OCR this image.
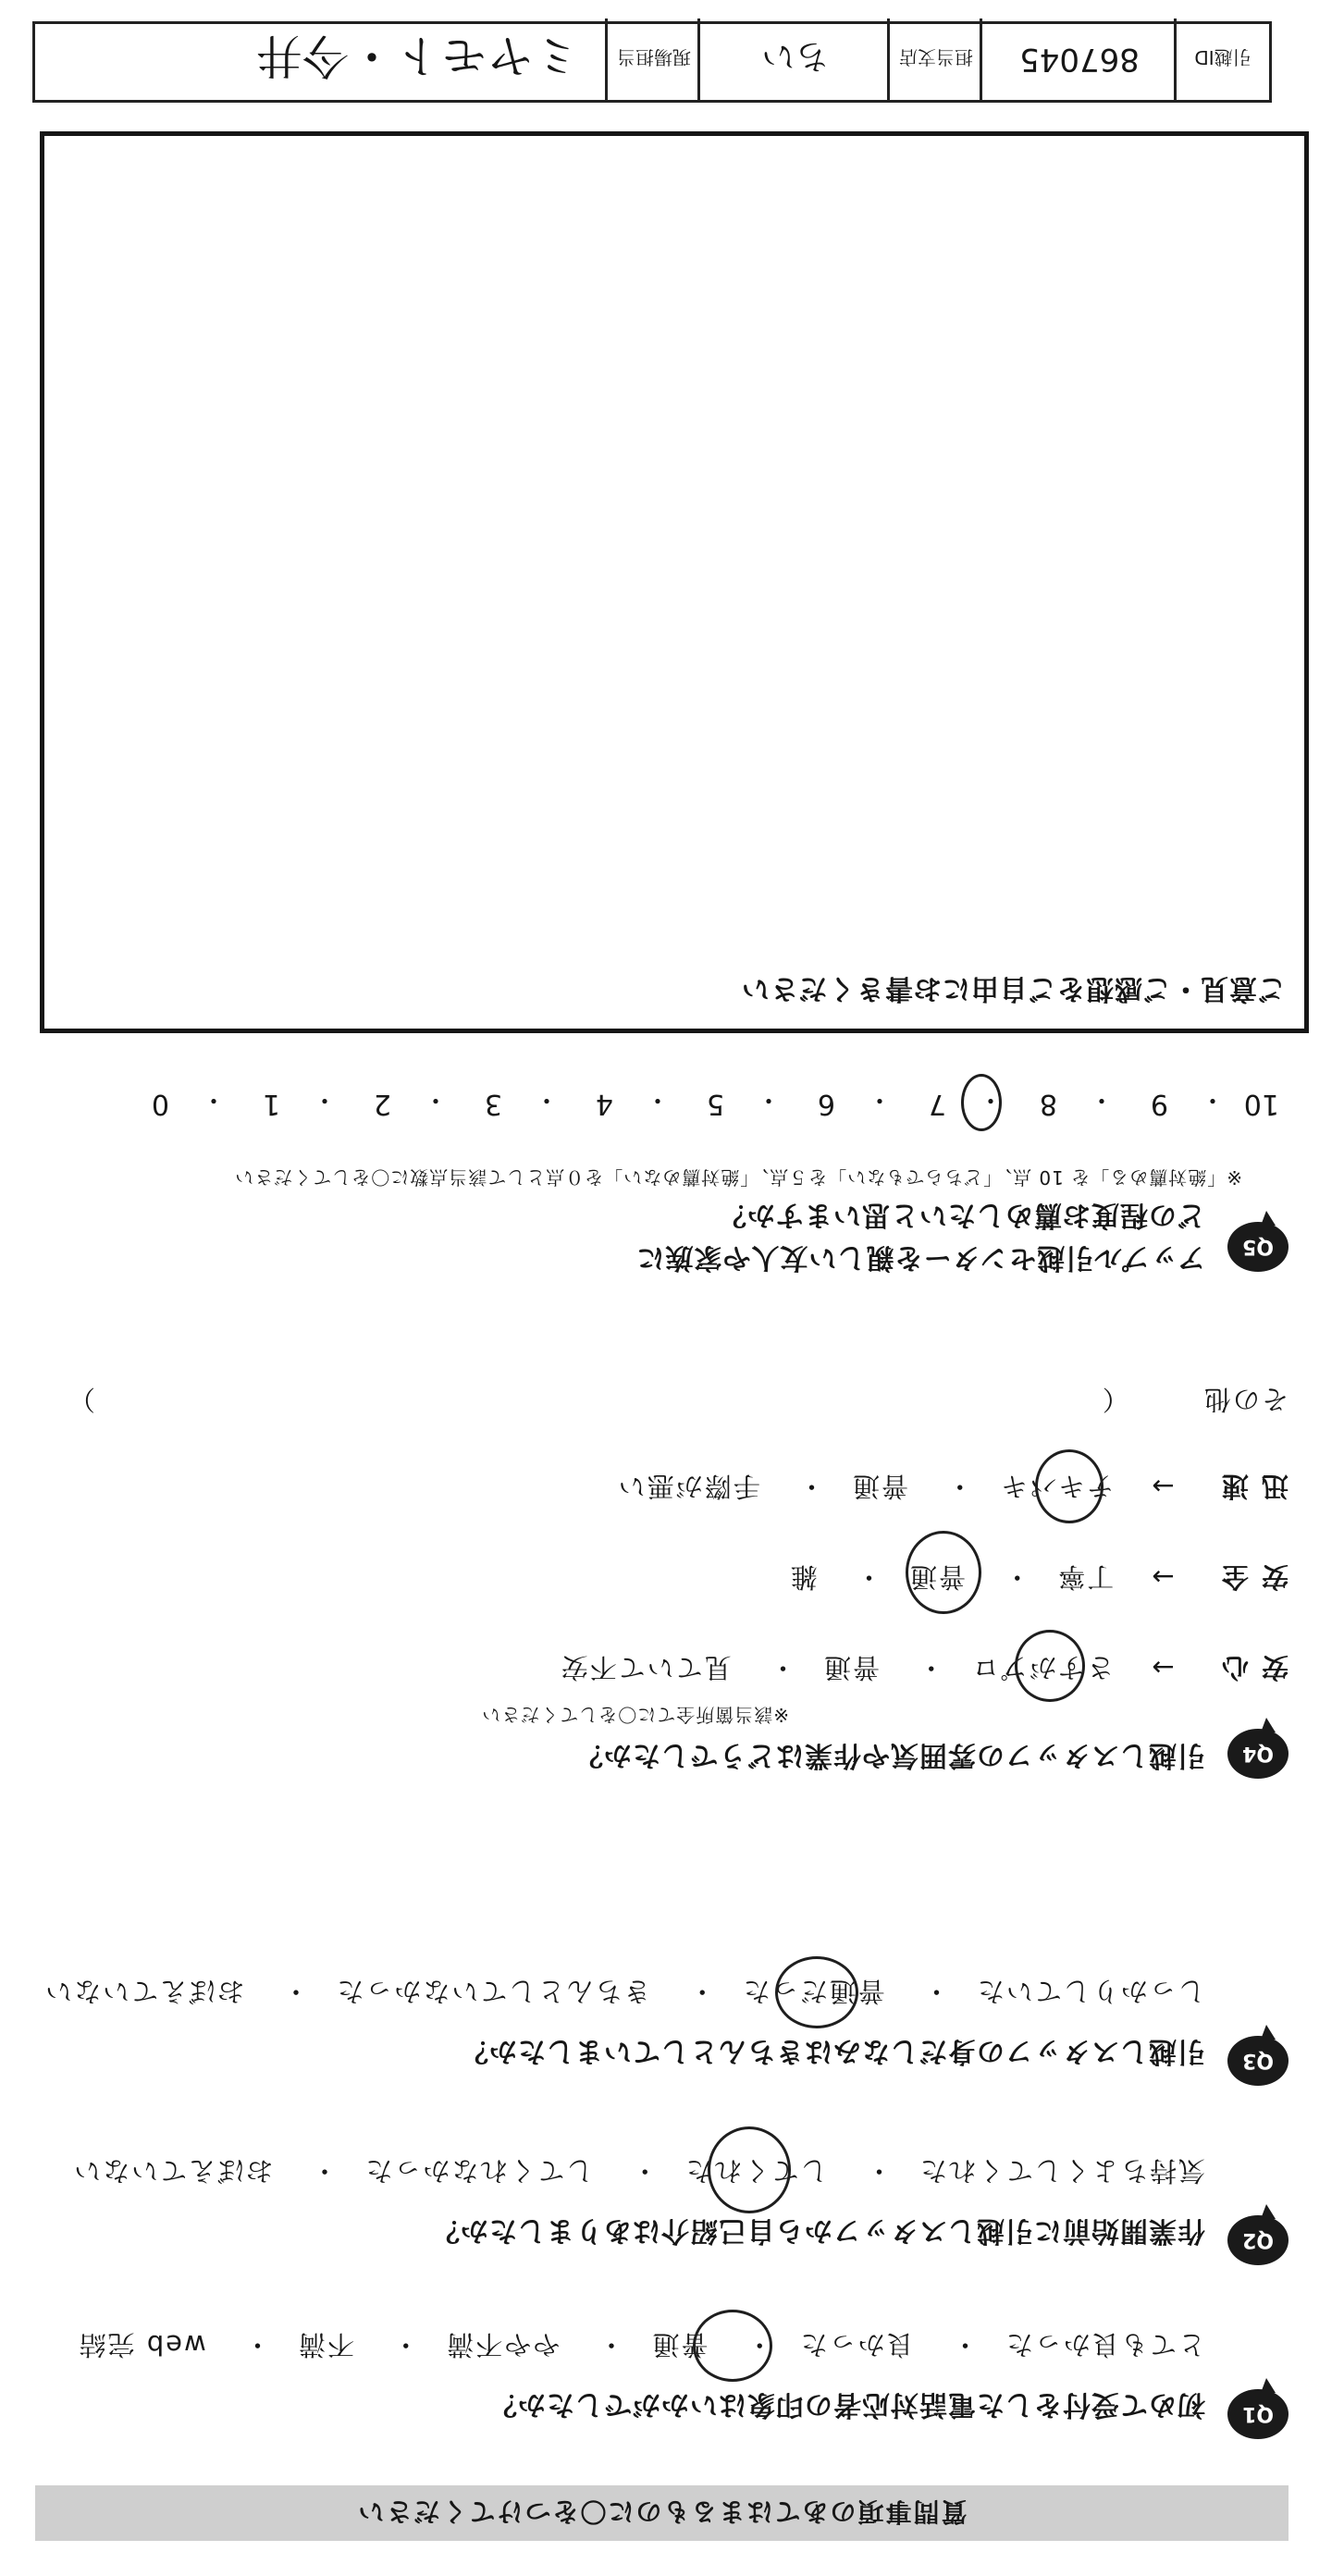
質問事項のあてはまるものに〇をつけてください
Q1
初めて受付をした電話対応者の印象はいかがでしたか？
とても良かった・ 良かった・ 普通・ やや不満・ 不満・ web 完結
Q2
作業開始前に引越しスタッフから自己紹介はありましたか？
気持ちよくしてくれた・ してくれた・ してくれなかった・ おぼえていない
Q3
引越しスタッフの身だしなみはきちんとしていましたか？
しっかりしていた・ 普通だった・ きちんとしていなかった・ おぼえていない
Q4
引越しスタッフの雰囲気や作業はどうでしたか？
※該当箇所全てに〇をしてください
安心 → さすがプロ・ 普通・ 見ていて不安
安全 → 丁寧・ 普通・ 雑
迅速 → テキパキ・ 普通・ 手際が悪い
その他 （
）
Q5
アップル引越センターを親しい友人や家族に
どの程度お薦めしたいと思いますか？
※「絶対薦める」を 10 点、「どちらでもない」を５点、「絶対薦めない」を０点として該当点数に〇をしてください
10
・
9
・
8
・
7
・
6
・
5
・
4
・
3
・
2
・
1
・
0
ご意見・ご感想をご自由にお書きください
引越ID
867045
担当支店
ちい
現場担当
ミヤモト・今井
